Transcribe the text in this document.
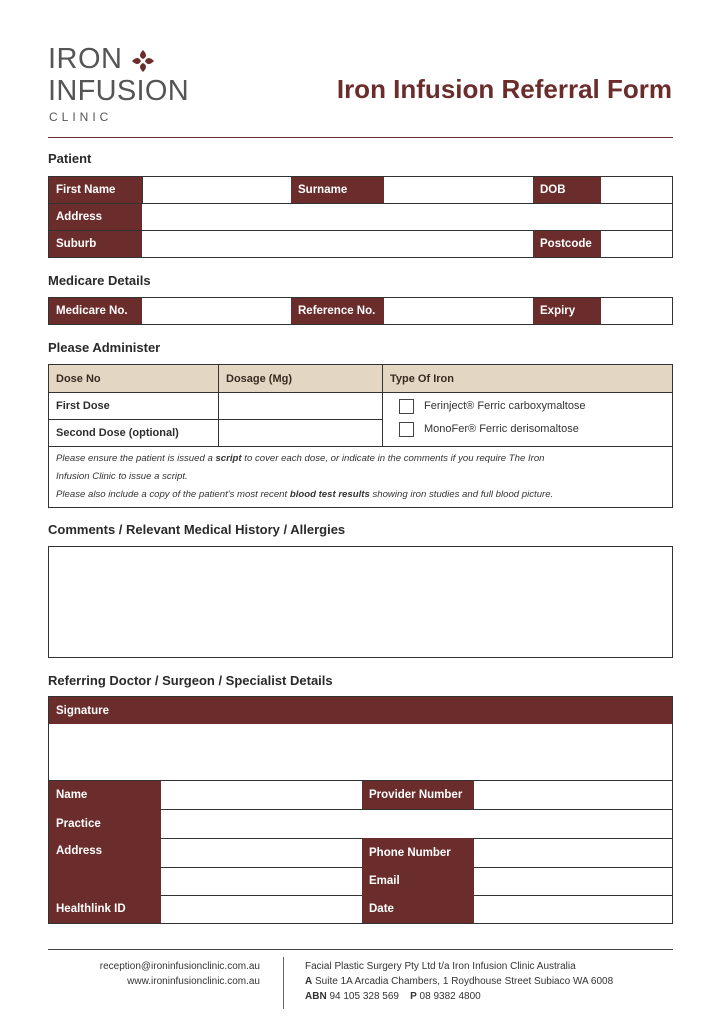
IRON
INFUSION
CLINIC
Iron Infusion Referral Form
Patient
First Name	Surname	DOB
Address
Suburb	Postcode
Medicare Details
Medicare No.	Reference No.	Expiry
Please Administer
Dose No	Dosage (Mg)	Type Of Iron
First Dose
Second Dose (optional)
Ferinject® Ferric carboxymaltose
MonoFer® Ferric derisomaltose
Please ensure the patient is issued a script to cover each dose, or indicate in the comments if you require The Iron
Infusion Clinic to issue a script.
Please also include a copy of the patient's most recent blood test results showing iron studies and full blood picture.
Comments / Relevant Medical History / Allergies
Referring Doctor / Surgeon / Specialist Details
Signature
Name	Provider Number
Practice
Address	Phone Number
Email
Healthlink ID	Date
reception@ironinfusionclinic.com.au
www.ironinfusionclinic.com.au
Facial Plastic Surgery Pty Ltd t/a Iron Infusion Clinic Australia
A Suite 1A Arcadia Chambers, 1 Roydhouse Street Subiaco WA 6008
ABN 94 105 328 569 P 08 9382 4800
